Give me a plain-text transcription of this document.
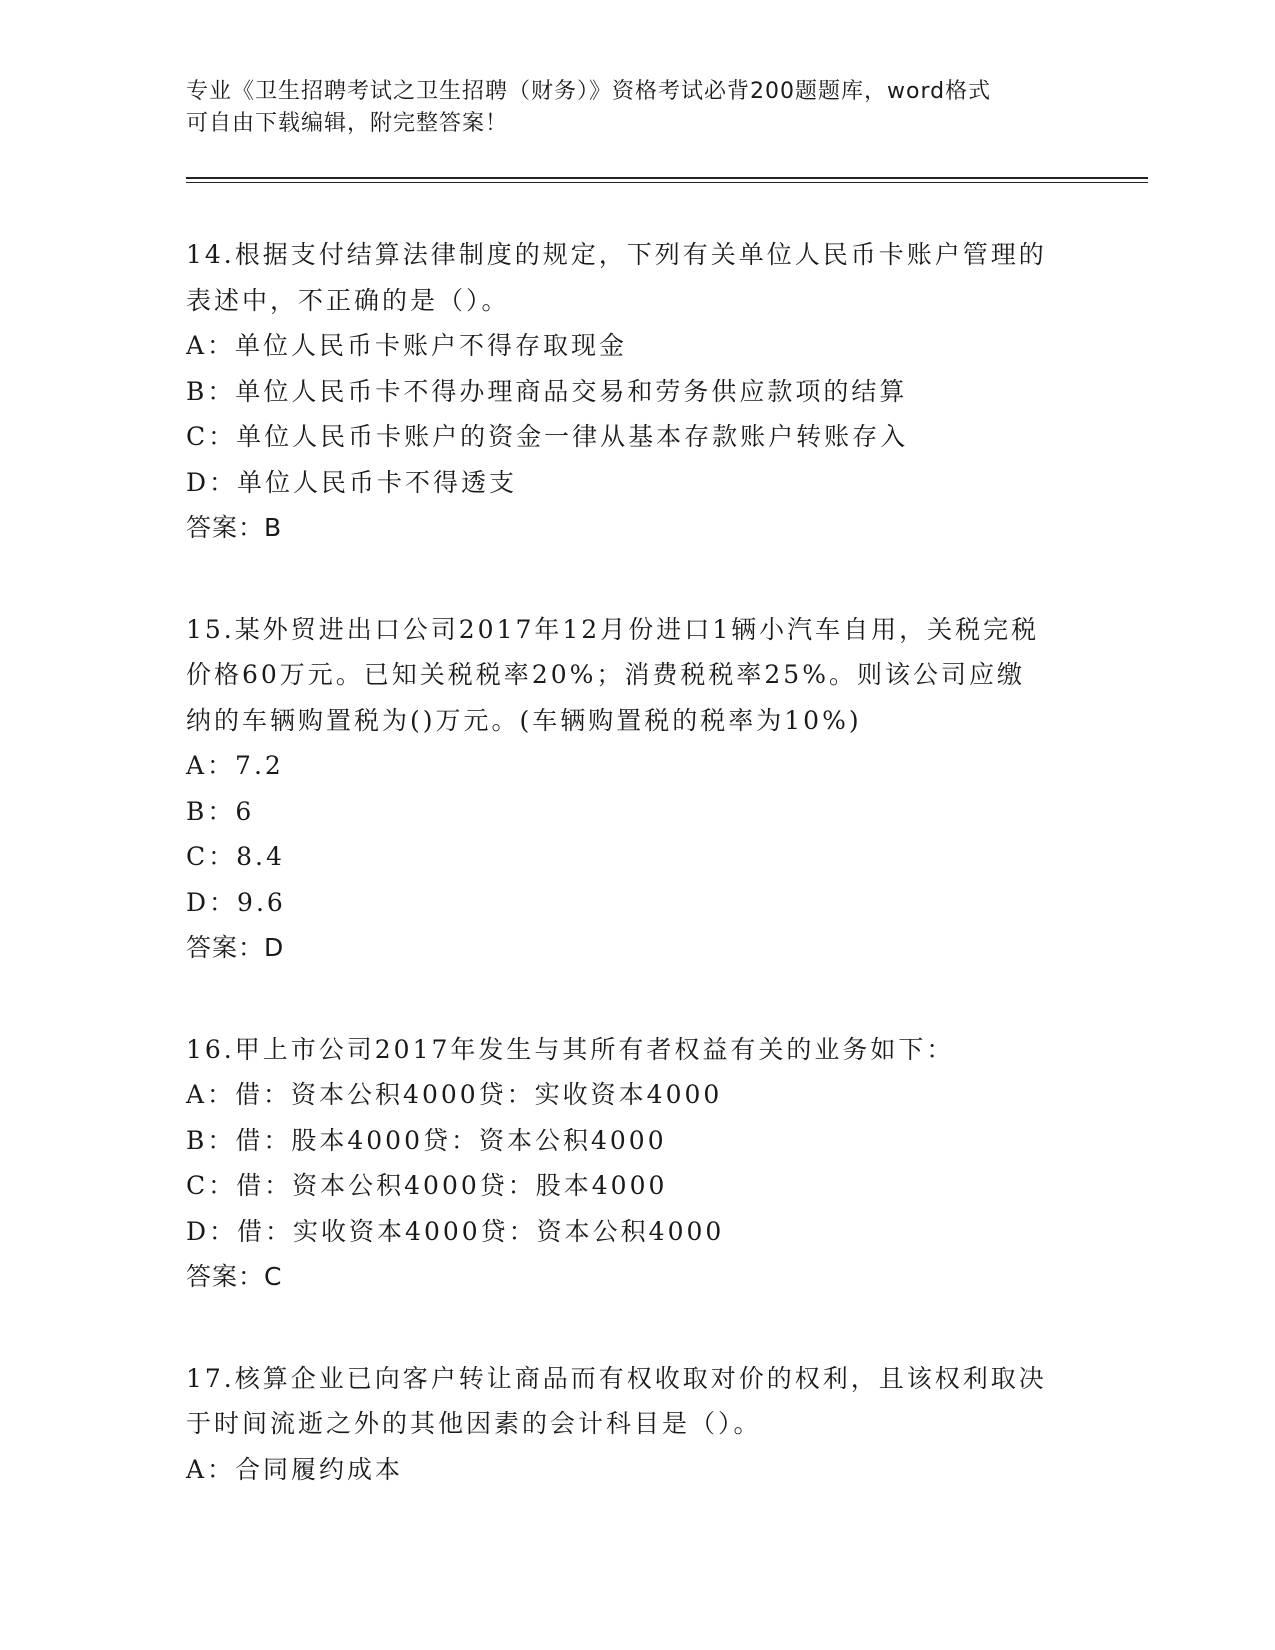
专业《卫生招聘考试之卫生招聘（财务）》资格考试必背200题题库，word格式
可自由下载编辑，附完整答案！
14.根据支付结算法律制度的规定，下列有关单位人民币卡账户管理的
表述中，不正确的是（）。
A：单位人民币卡账户不得存取现金
B：单位人民币卡不得办理商品交易和劳务供应款项的结算
C：单位人民币卡账户的资金一律从基本存款账户转账存入
D：单位人民币卡不得透支
答案：B
15.某外贸进出口公司2017年12月份进口1辆小汽车自用，关税完税
价格60万元。已知关税税率20%；消费税税率25%。则该公司应缴
纳的车辆购置税为()万元。(车辆购置税的税率为10%)
A：7.2
B：6
C：8.4
D：9.6
答案：D
16.甲上市公司2017年发生与其所有者权益有关的业务如下：
A：借：资本公积4000贷：实收资本4000
B：借：股本4000贷：资本公积4000
C：借：资本公积4000贷：股本4000
D：借：实收资本4000贷：资本公积4000
答案：C
17.核算企业已向客户转让商品而有权收取对价的权利，且该权利取决
于时间流逝之外的其他因素的会计科目是（）。
A：合同履约成本
